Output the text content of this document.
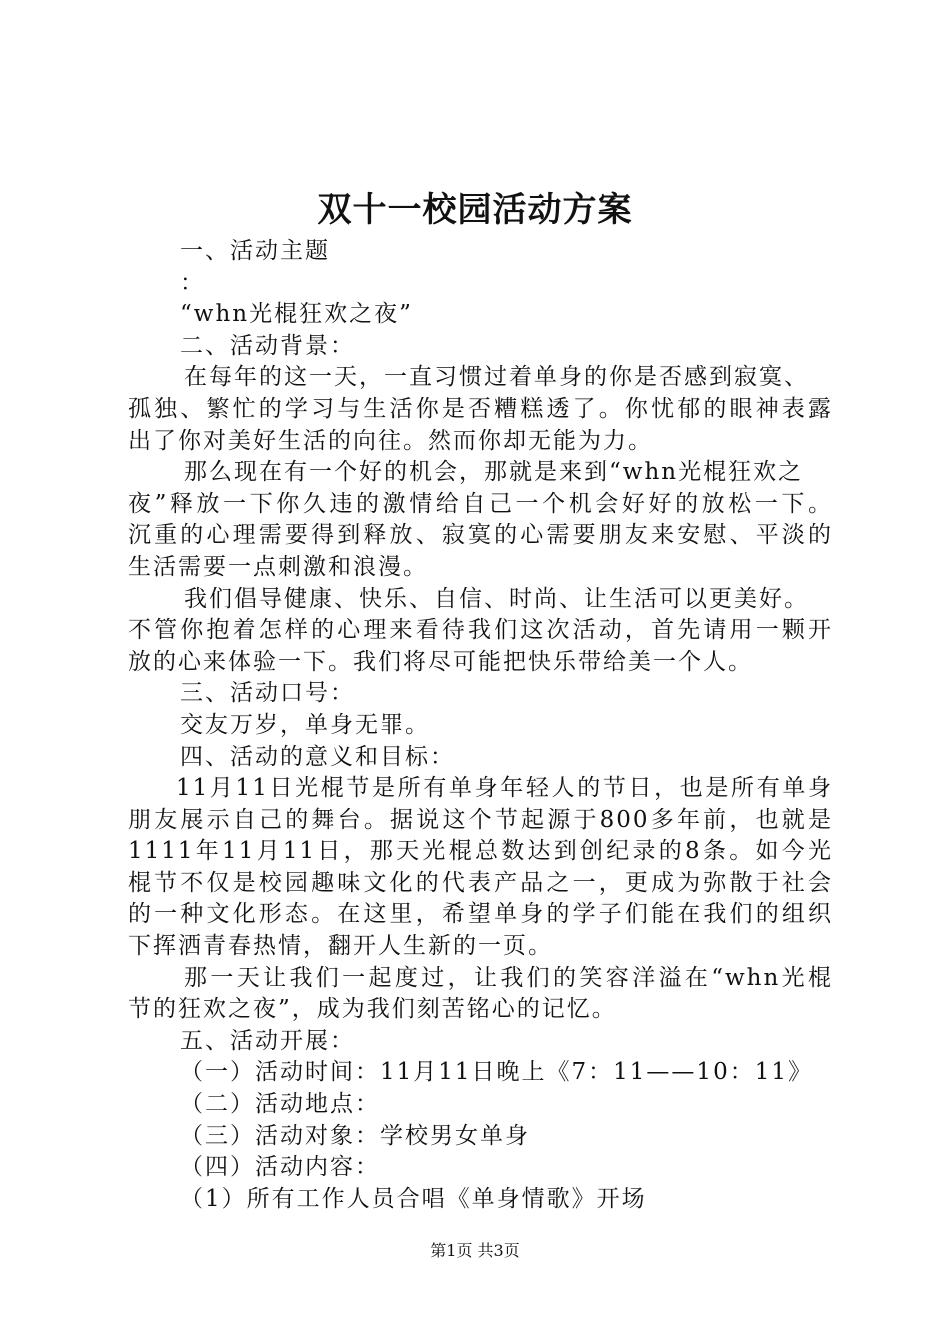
双十一校园活动方案
一、活动主题
：
“whn光棍狂欢之夜”
二、活动背景：
在每年的这一天，一直习惯过着单身的你是否感到寂寞、
孤独、繁忙的学习与生活你是否糟糕透了。你忧郁的眼神表露
出了你对美好生活的向往。然而你却无能为力。
那么现在有一个好的机会，那就是来到“whn光棍狂欢之
夜”释放一下你久违的激情给自己一个机会好好的放松一下。
沉重的心理需要得到释放、寂寞的心需要朋友来安慰、平淡的
生活需要一点刺激和浪漫。
我们倡导健康、快乐、自信、时尚、让生活可以更美好。
不管你抱着怎样的心理来看待我们这次活动，首先请用一颗开
放的心来体验一下。我们将尽可能把快乐带给美一个人。
三、活动口号：
交友万岁，单身无罪。
四、活动的意义和目标：
11月11日光棍节是所有单身年轻人的节日，也是所有单身
朋友展示自己的舞台。据说这个节起源于800多年前，也就是
1111年11月11日，那天光棍总数达到创纪录的8条。如今光
棍节不仅是校园趣味文化的代表产品之一，更成为弥散于社会
的一种文化形态。在这里，希望单身的学子们能在我们的组织
下挥洒青春热情，翻开人生新的一页。
那一天让我们一起度过，让我们的笑容洋溢在“whn光棍
节的狂欢之夜”，成为我们刻苦铭心的记忆。
五、活动开展：
（一）活动时间：11月11日晚上《7：11——10：11》
（二）活动地点：
（三）活动对象：学校男女单身
（四）活动内容：
（1）所有工作人员合唱《单身情歌》开场
第1页 共3页
